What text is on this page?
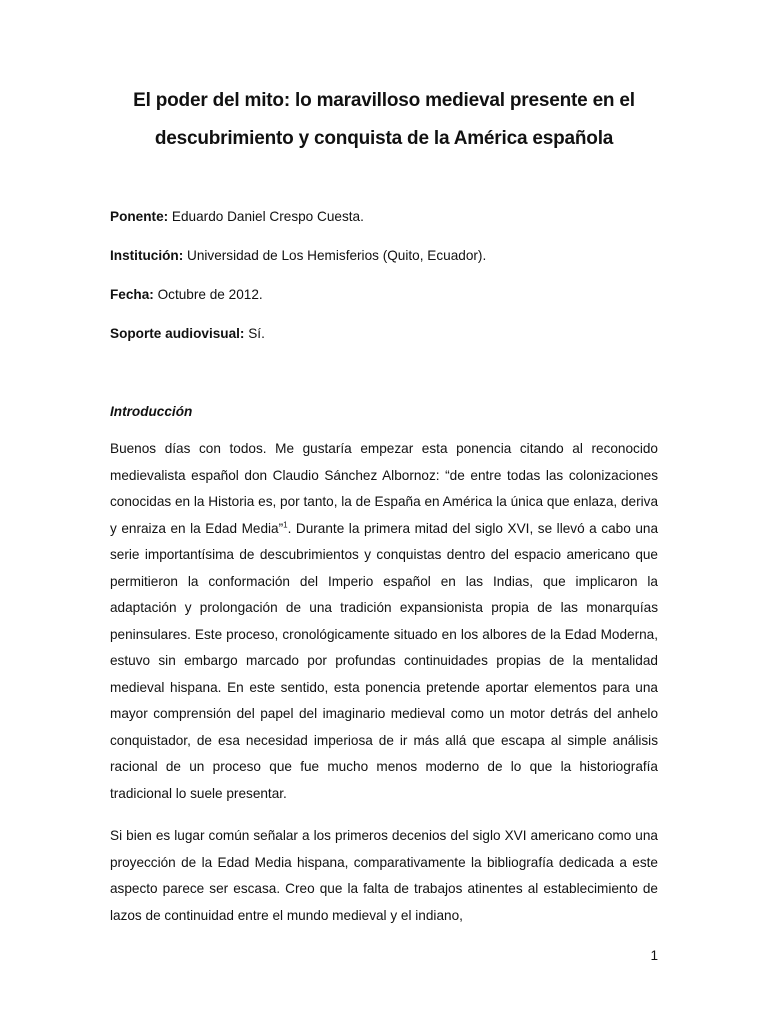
El poder del mito: lo maravilloso medieval presente en el descubrimiento y conquista de la América española
Ponente: Eduardo Daniel Crespo Cuesta.
Institución: Universidad de Los Hemisferios (Quito, Ecuador).
Fecha: Octubre de 2012.
Soporte audiovisual: Sí.
Introducción

Buenos días con todos. Me gustaría empezar esta ponencia citando al reconocido medievalista español don Claudio Sánchez Albornoz: “de entre todas las colonizaciones conocidas en la Historia es, por tanto, la de España en América la única que enlaza, deriva y enraiza en la Edad Media”$^1$. Durante la primera mitad del siglo XVI, se llevó a cabo una serie importantísima de descubrimientos y conquistas dentro del espacio americano que permitieron la conformación del Imperio español en las Indias, que implicaron la adaptación y prolongación de una tradición expansionista propia de las monarquías peninsulares. Este proceso, cronológicamente situado en los albores de la Edad Moderna, estuvo sin embargo marcado por profundas continuidades propias de la mentalidad medieval hispana. En este sentido, esta ponencia pretende aportar elementos para una mayor comprensión del papel del imaginario medieval como un motor detrás del anhelo conquistador, de esa necesidad imperiosa de ir más allá que escapa al simple análisis racional de un proceso que fue mucho menos moderno de lo que la historiografía tradicional lo suele presentar.

Si bien es lugar común señalar a los primeros decenios del siglo XVI americano como una proyección de la Edad Media hispana, comparativamente la bibliografía dedicada a este aspecto parece ser escasa. Creo que la falta de trabajos atinentes al establecimiento de lazos de continuidad entre el mundo medieval y el indiano,

1
